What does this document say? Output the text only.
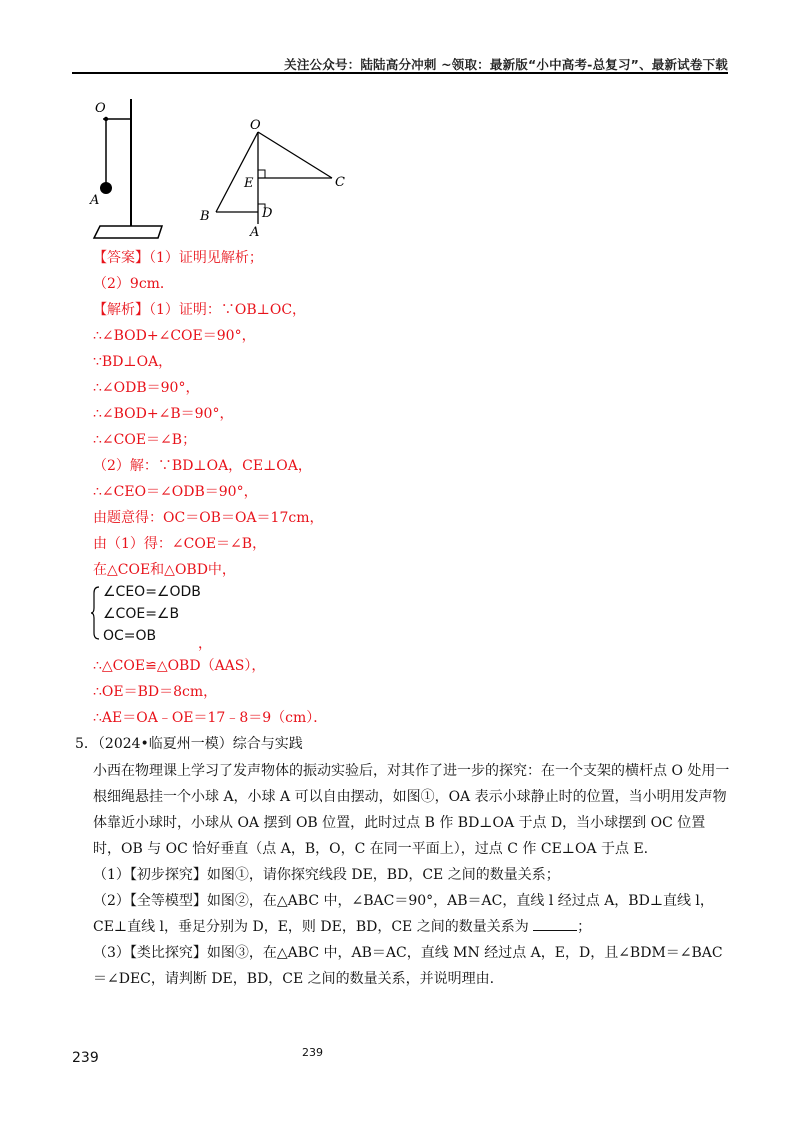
关注公众号：陆陆高分冲刺 ~领取：最新版“小中高考-总复习”、最新试卷下载
O
A
O
E	C
B	D
A
【答案】（1）证明见解析；
（2）9cm．
【解析】（1）证明：∵OB⊥OC，
∴∠BOD+∠COE＝90°，
∵BD⊥OA，
∴∠ODB＝90°，
∴∠BOD+∠B＝90°，
∴∠COE＝∠B；
（2）解：∵BD⊥OA，CE⊥OA，
∴∠CEO＝∠ODB＝90°，
由题意得：OC＝OB＝OA＝17cm，
由（1）得：∠COE＝∠B，
在△COE和△OBD中，
∠CEO=∠ODB
∠COE=∠B
OC=OB	，
∴△COE≌△OBD（AAS），
∴OE＝BD＝8cm，
∴AE＝OA﹣OE＝17﹣8＝9（cm）．
5．（2024•临夏州一模）综合与实践
小西在物理课上学习了发声物体的振动实验后，对其作了进一步的探究：在一个支架的横杆点 O 处用一根细绳悬挂一个小球 A，小球 A 可以自由摆动，如图①，OA 表示小球静止时的位置，当小明用发声物体靠近小球时，小球从 OA 摆到 OB 位置，此时过点 B 作 BD⊥OA 于点 D，当小球摆到 OC 位置时，OB 与 OC 恰好垂直（点 A，B，O，C 在同一平面上），过点 C 作 CE⊥OA 于点 E.
（1）【初步探究】如图①，请你探究线段 DE，BD，CE 之间的数量关系；
（2）【全等模型】如图②，在△ABC 中，∠BAC＝90°，AB＝AC，直线 l 经过点 A，BD⊥直线 l，CE⊥直线 l，垂足分别为 D，E，则 DE，BD，CE 之间的数量关系为	；
（3）【类比探究】如图③，在△ABC 中，AB＝AC，直线 MN 经过点 A，E，D，且∠BDM＝∠BAC＝∠DEC，请判断 DE，BD，CE 之间的数量关系，并说明理由.
239	239
